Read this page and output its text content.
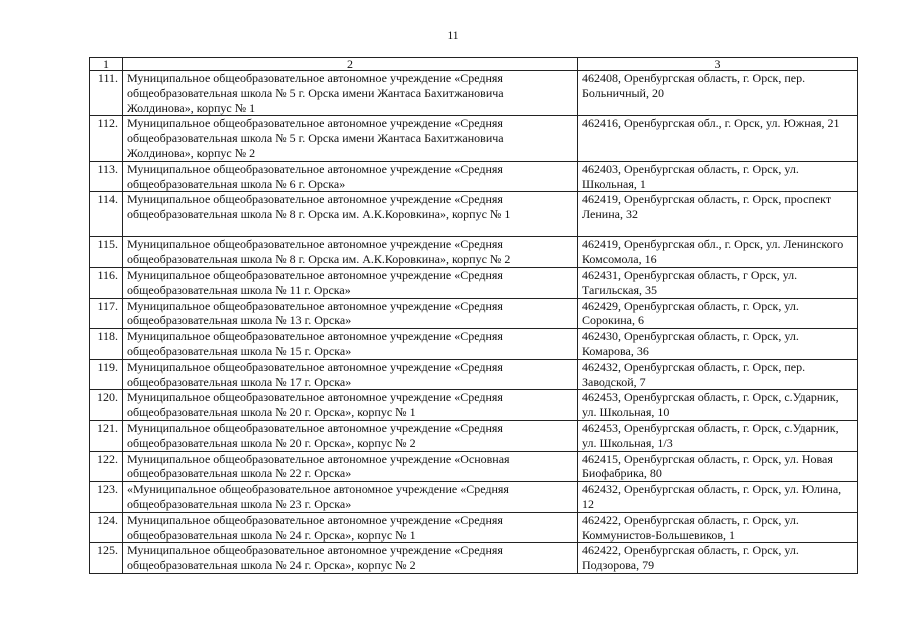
11
1	2	3
111.	Муниципальное общеобразовательное автономное учреждение «Средняя общеобразовательная школа № 5 г. Орска имени Жантаса Бахитжановича Жолдинова», корпус № 1	462408, Оренбургская область, г. Орск, пер. Больничный, 20
112.	Муниципальное общеобразовательное автономное учреждение «Средняя общеобразовательная школа № 5 г. Орска имени Жантаса Бахитжановича Жолдинова», корпус № 2	462416, Оренбургская обл., г. Орск, ул. Южная, 21
113.	Муниципальное общеобразовательное автономное учреждение «Средняя общеобразовательная школа № 6 г. Орска»	462403, Оренбургская область, г. Орск, ул. Школьная, 1
114.	Муниципальное общеобразовательное автономное учреждение «Средняя общеобразовательная школа № 8 г. Орска им. А.К.Коровкина», корпус № 1	462419, Оренбургская область, г. Орск, проспект Ленина, 32
115.	Муниципальное общеобразовательное автономное учреждение «Средняя общеобразовательная школа № 8 г. Орска им. А.К.Коровкина», корпус № 2	462419, Оренбургская обл., г. Орск, ул. Ленинского Комсомола, 16
116.	Муниципальное общеобразовательное автономное учреждение «Средняя общеобразовательная школа № 11 г. Орска»	462431, Оренбургская область, г Орск, ул. Тагильская, 35
117.	Муниципальное общеобразовательное автономное учреждение «Средняя общеобразовательная школа № 13 г. Орска»	462429, Оренбургская область, г. Орск, ул. Сорокина, 6
118.	Муниципальное общеобразовательное автономное учреждение «Средняя общеобразовательная школа № 15 г. Орска»	462430, Оренбургская область, г. Орск, ул. Комарова, 36
119.	Муниципальное общеобразовательное автономное учреждение «Средняя общеобразовательная школа № 17 г. Орска»	462432, Оренбургская область, г. Орск, пер. Заводской, 7
120.	Муниципальное общеобразовательное автономное учреждение «Средняя общеобразовательная школа № 20 г. Орска», корпус № 1	462453, Оренбургская область, г. Орск, с.Ударник, ул. Школьная, 10
121.	Муниципальное общеобразовательное автономное учреждение «Средняя общеобразовательная школа № 20 г. Орска», корпус № 2	462453, Оренбургская область, г. Орск, с.Ударник, ул. Школьная, 1/3
122.	Муниципальное общеобразовательное автономное учреждение «Основная общеобразовательная школа № 22 г. Орска»	462415, Оренбургская область, г. Орск, ул. Новая Биофабрика, 80
123.	«Муниципальное общеобразовательное автономное учреждение «Средняя общеобразовательная школа № 23 г. Орска»	462432, Оренбургская область, г. Орск, ул. Юлина, 12
124.	Муниципальное общеобразовательное автономное учреждение «Средняя общеобразовательная школа № 24 г. Орска», корпус № 1	462422, Оренбургская область, г. Орск, ул. Коммунистов-Большевиков, 1
125.	Муниципальное общеобразовательное автономное учреждение «Средняя общеобразовательная школа № 24 г. Орска», корпус № 2	462422, Оренбургская область, г. Орск, ул. Подзорова, 79
